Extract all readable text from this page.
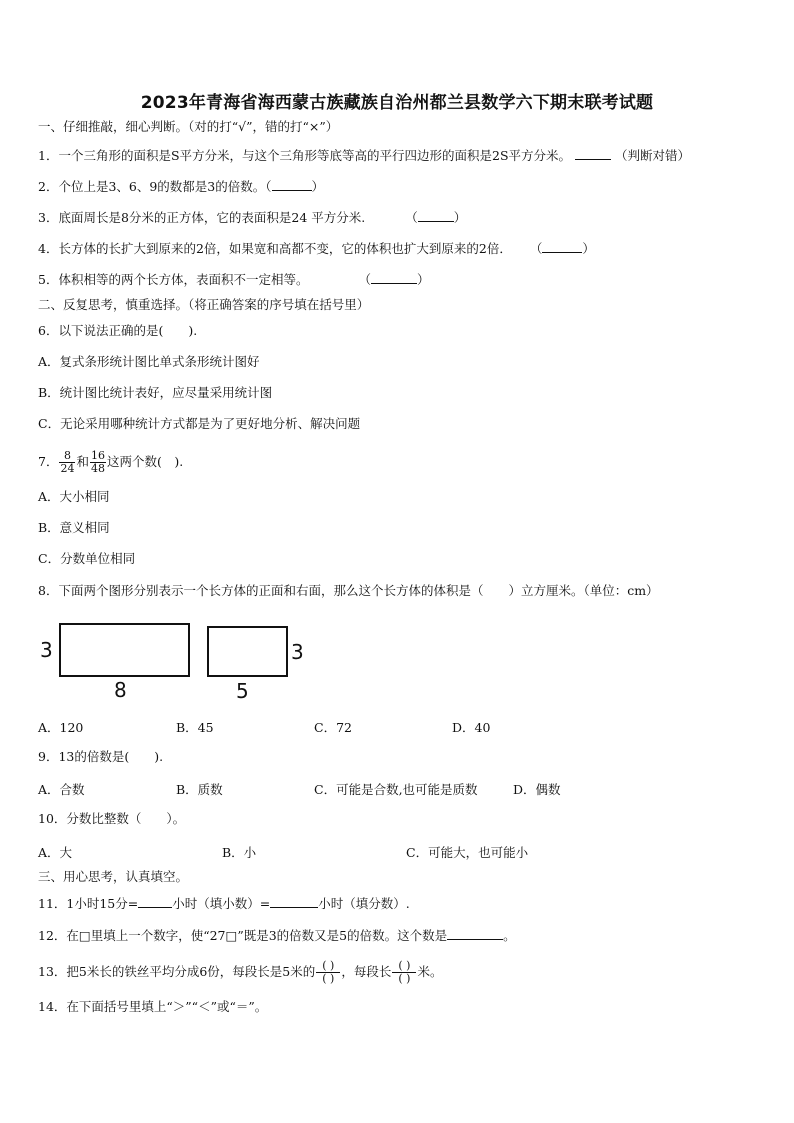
2023年青海省海西蒙古族藏族自治州都兰县数学六下期末联考试题
一、仔细推敲，细心判断。（对的打“√”，错的打“×”）
1．一个三角形的面积是S平方分米，与这个三角形等底等高的平行四边形的面积是2S平方分米。	（判断对错）
2．个位上是3、6、9的数都是3的倍数。（	）
3．底面周长是8分米的正方体，它的表面积是24 平方分米.	（	）
4．长方体的长扩大到原来的2倍，如果宽和高都不变，它的体积也扩大到原来的2倍． （	）
5．体积相等的两个长方体，表面积不一定相等。	（	）
二、反复思考，慎重选择。（将正确答案的序号填在括号里）
6．以下说法正确的是(　　).
A．复式条形统计图比单式条形统计图好
B．统计图比统计表好，应尽量采用统计图
C．无论采用哪种统计方式都是为了更好地分析、解决问题
7． $\frac{8}{24}$ 和 $\frac{16}{48}$ 这两个数(　).
A．大小相同
B．意义相同
C．分数单位相同
8．下面两个图形分别表示一个长方体的正面和右面，那么这个长方体的体积是（　　）立方厘米。（单位：cm）
3
8
3
5
A．120	B．45	C．72	D．40
9．13的倍数是(　　).
A．合数	B．质数	C．可能是合数,也可能是质数	D．偶数
10．分数比整数（　　）。
A．大	B．小	C．可能大，也可能小
三、用心思考，认真填空。
11．1小时15分=	小时（填小数）=	小时（填分数）.
12．在□里填上一个数字，使“27□”既是3的倍数又是5的倍数。这个数是	。
13．把5米长的铁丝平均分成6份，每段长是5米的 $\frac{( )}{( )}$ ，每段长 $\frac{( )}{( )}$ 米。
14．在下面括号里填上“＞”“＜”或“＝”。
